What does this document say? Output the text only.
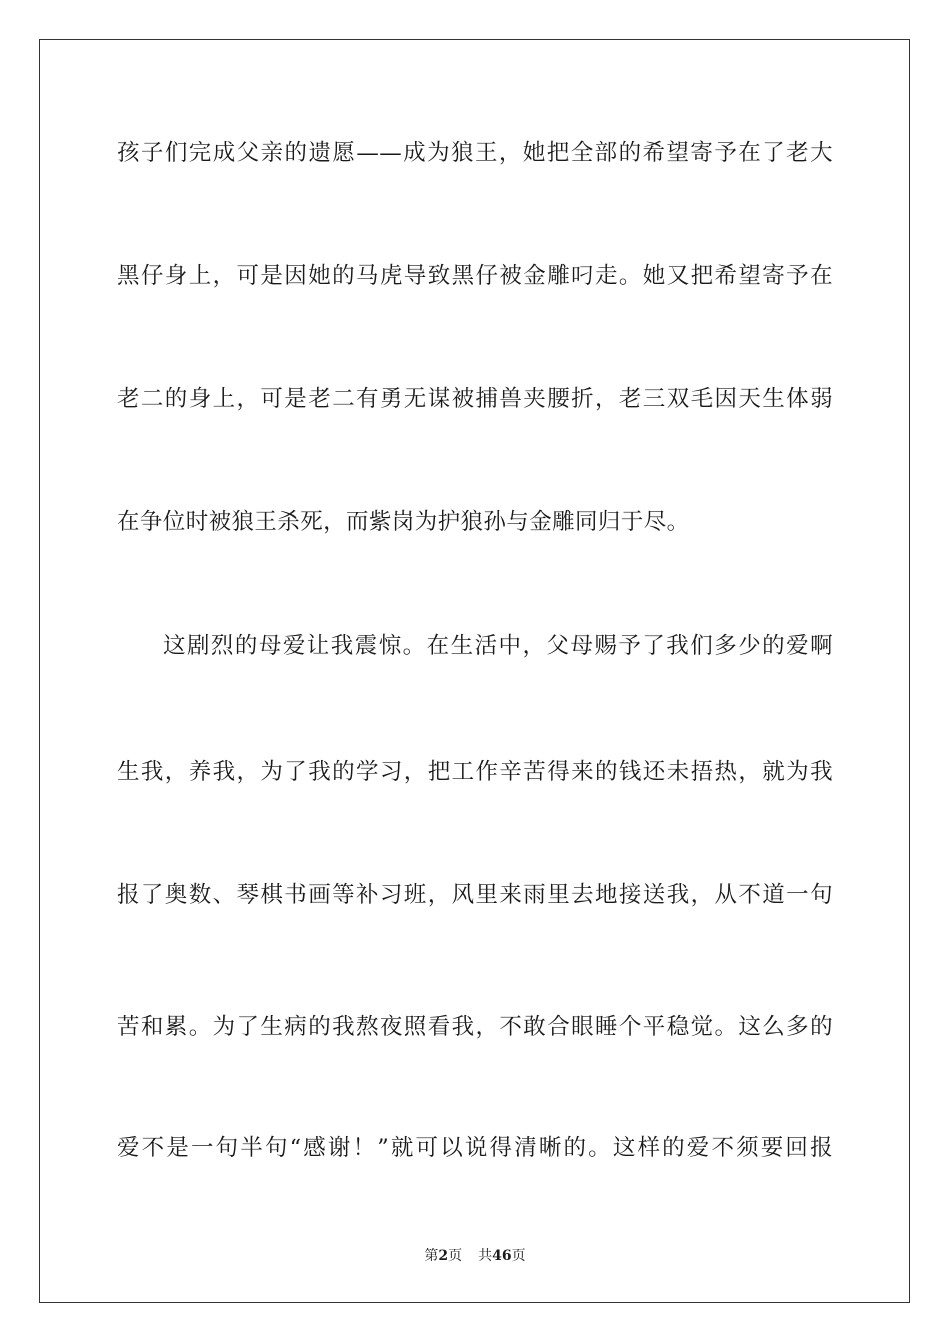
孩子们完成父亲的遗愿——成为狼王，她把全部的希望寄予在了老大
黑仔身上，可是因她的马虎导致黑仔被金雕叼走。她又把希望寄予在
老二的身上，可是老二有勇无谋被捕兽夹腰折，老三双毛因天生体弱
在争位时被狼王杀死，而紫岗为护狼孙与金雕同归于尽。
这剧烈的母爱让我震惊。在生活中，父母赐予了我们多少的爱啊
生我，养我，为了我的学习，把工作辛苦得来的钱还未捂热，就为我
报了奥数、琴棋书画等补习班，风里来雨里去地接送我，从不道一句
苦和累。为了生病的我熬夜照看我，不敢合眼睡个平稳觉。这么多的
爱不是一句半句“感谢！”就可以说得清晰的。这样的爱不须要回报
第2页 共46页
